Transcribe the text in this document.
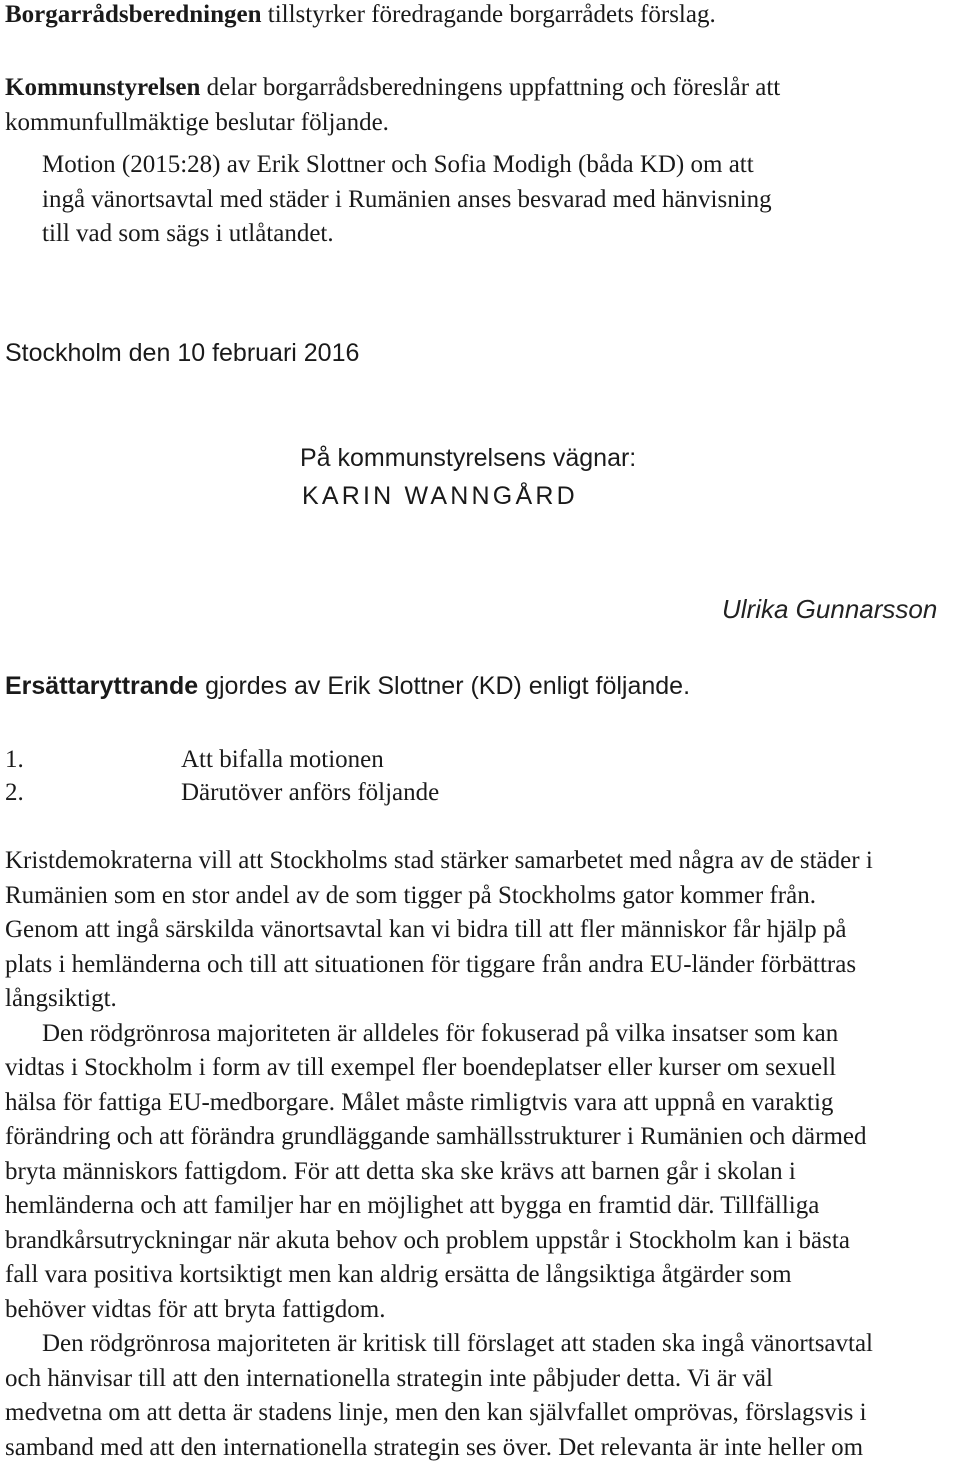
Borgarrådsberedningen tillstyrker föredragande borgarrådets förslag.
Kommunstyrelsen delar borgarrådsberedningens uppfattning och föreslår att
kommunfullmäktige beslutar följande.
Motion (2015:28) av Erik Slottner och Sofia Modigh (båda KD) om att
ingå vänortsavtal med städer i Rumänien anses besvarad med hänvisning
till vad som sägs i utlåtandet.
Stockholm den 10 februari 2016
På kommunstyrelsens vägnar:
KARIN WANNGÅRD
Ulrika Gunnarsson
Ersättaryttrande gjordes av Erik Slottner (KD) enligt följande.
1.	Att bifalla motionen
2.	Därutöver anförs följande
Kristdemokraterna vill att Stockholms stad stärker samarbetet med några av de städer i
Rumänien som en stor andel av de som tigger på Stockholms gator kommer från.
Genom att ingå särskilda vänortsavtal kan vi bidra till att fler människor får hjälp på
plats i hemländerna och till att situationen för tiggare från andra EU-länder förbättras
långsiktigt.
Den rödgrönrosa majoriteten är alldeles för fokuserad på vilka insatser som kan
vidtas i Stockholm i form av till exempel fler boendeplatser eller kurser om sexuell
hälsa för fattiga EU-medborgare. Målet måste rimligtvis vara att uppnå en varaktig
förändring och att förändra grundläggande samhällsstrukturer i Rumänien och därmed
bryta människors fattigdom. För att detta ska ske krävs att barnen går i skolan i
hemländerna och att familjer har en möjlighet att bygga en framtid där. Tillfälliga
brandkårsutryckningar när akuta behov och problem uppstår i Stockholm kan i bästa
fall vara positiva kortsiktigt men kan aldrig ersätta de långsiktiga åtgärder som
behöver vidtas för att bryta fattigdom.
Den rödgrönrosa majoriteten är kritisk till förslaget att staden ska ingå vänortsavtal
och hänvisar till att den internationella strategin inte påbjuder detta. Vi är väl
medvetna om att detta är stadens linje, men den kan självfallet omprövas, förslagsvis i
samband med att den internationella strategin ses över. Det relevanta är inte heller om
